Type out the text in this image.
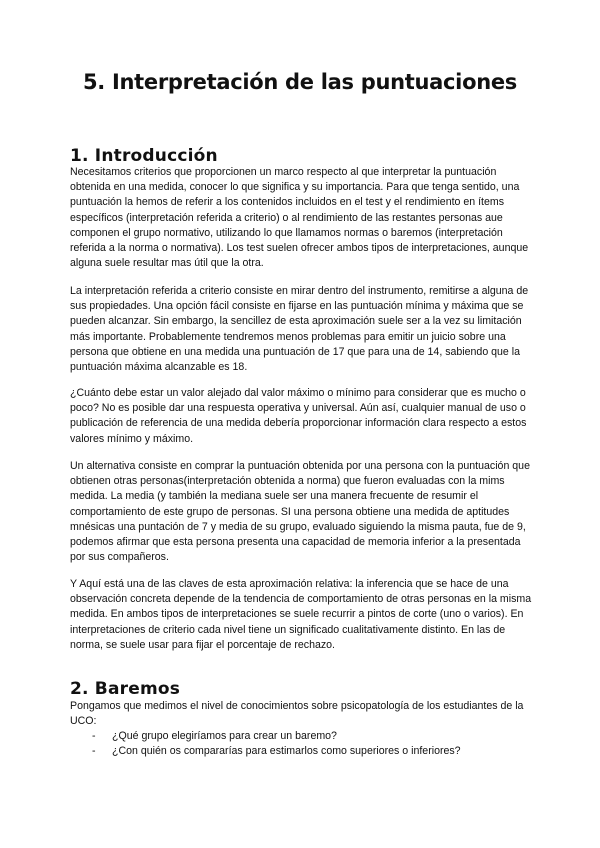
5. Interpretación de las puntuaciones
1. Introducción

Necesitamos criterios que proporcionen un marco respecto al que interpretar la puntuación obtenida en una medida, conocer lo que significa y su importancia. Para que tenga sentido, una puntuación la hemos de referir a los contenidos incluidos en el test y el rendimiento en ítems específicos (interpretación referida a criterio) o al rendimiento de las restantes personas aue componen el grupo normativo, utilizando lo que llamamos normas o baremos (interpretación referida a la norma o normativa). Los test suelen ofrecer ambos tipos de interpretaciones, aunque alguna suele resultar mas útil que la otra.

La interpretación referida a criterio consiste en mirar dentro del instrumento, remitirse a alguna de sus propiedades. Una opción fácil consiste en fijarse en las puntuación mínima y máxima que se pueden alcanzar. Sin embargo, la sencillez de esta aproximación suele ser a la vez su limitación más importante. Probablemente tendremos menos problemas para emitir un juicio sobre una persona que obtiene en una medida una puntuación de 17 que para una de 14, sabiendo que la puntuación máxima alcanzable es 18.

¿Cuánto debe estar un valor alejado dal valor máximo o mínimo para considerar que es mucho o poco? No es posible dar una respuesta operativa y universal. Aún así, cualquier manual de uso o publicación de referencia de una medida debería proporcionar información clara respecto a estos valores mínimo y máximo.

Un alternativa consiste en comprar la puntuación obtenida por una persona con la puntuación que obtienen otras personas(interpretación obtenida a norma) que fueron evaluadas con la mims medida. La media (y también la mediana suele ser una manera frecuente de resumir el comportamiento de este grupo de personas. SI una persona obtiene una medida de aptitudes mnésicas una puntación de 7 y media de su grupo, evaluado siguiendo la misma pauta, fue de 9, podemos afirmar que esta persona presenta una capacidad de memoria inferior a la presentada por sus compañeros.

Y Aquí está una de las claves de esta aproximación relativa: la inferencia que se hace de una observación concreta depende de la tendencia de comportamiento de otras personas en la misma medida. En ambos tipos de interpretaciones se suele recurrir a pintos de corte (uno o varios). En interpretaciones de criterio cada nivel tiene un significado cualitativamente distinto. En las de norma, se suele usar para fijar el porcentaje de rechazo.

2. Baremos

Pongamos que medimos el nivel de conocimientos sobre psicopatología de los estudiantes de la UCO:

- ¿Qué grupo elegiríamos para crear un baremo?
- ¿Con quién os compararías para estimarlos como superiores o inferiores?
